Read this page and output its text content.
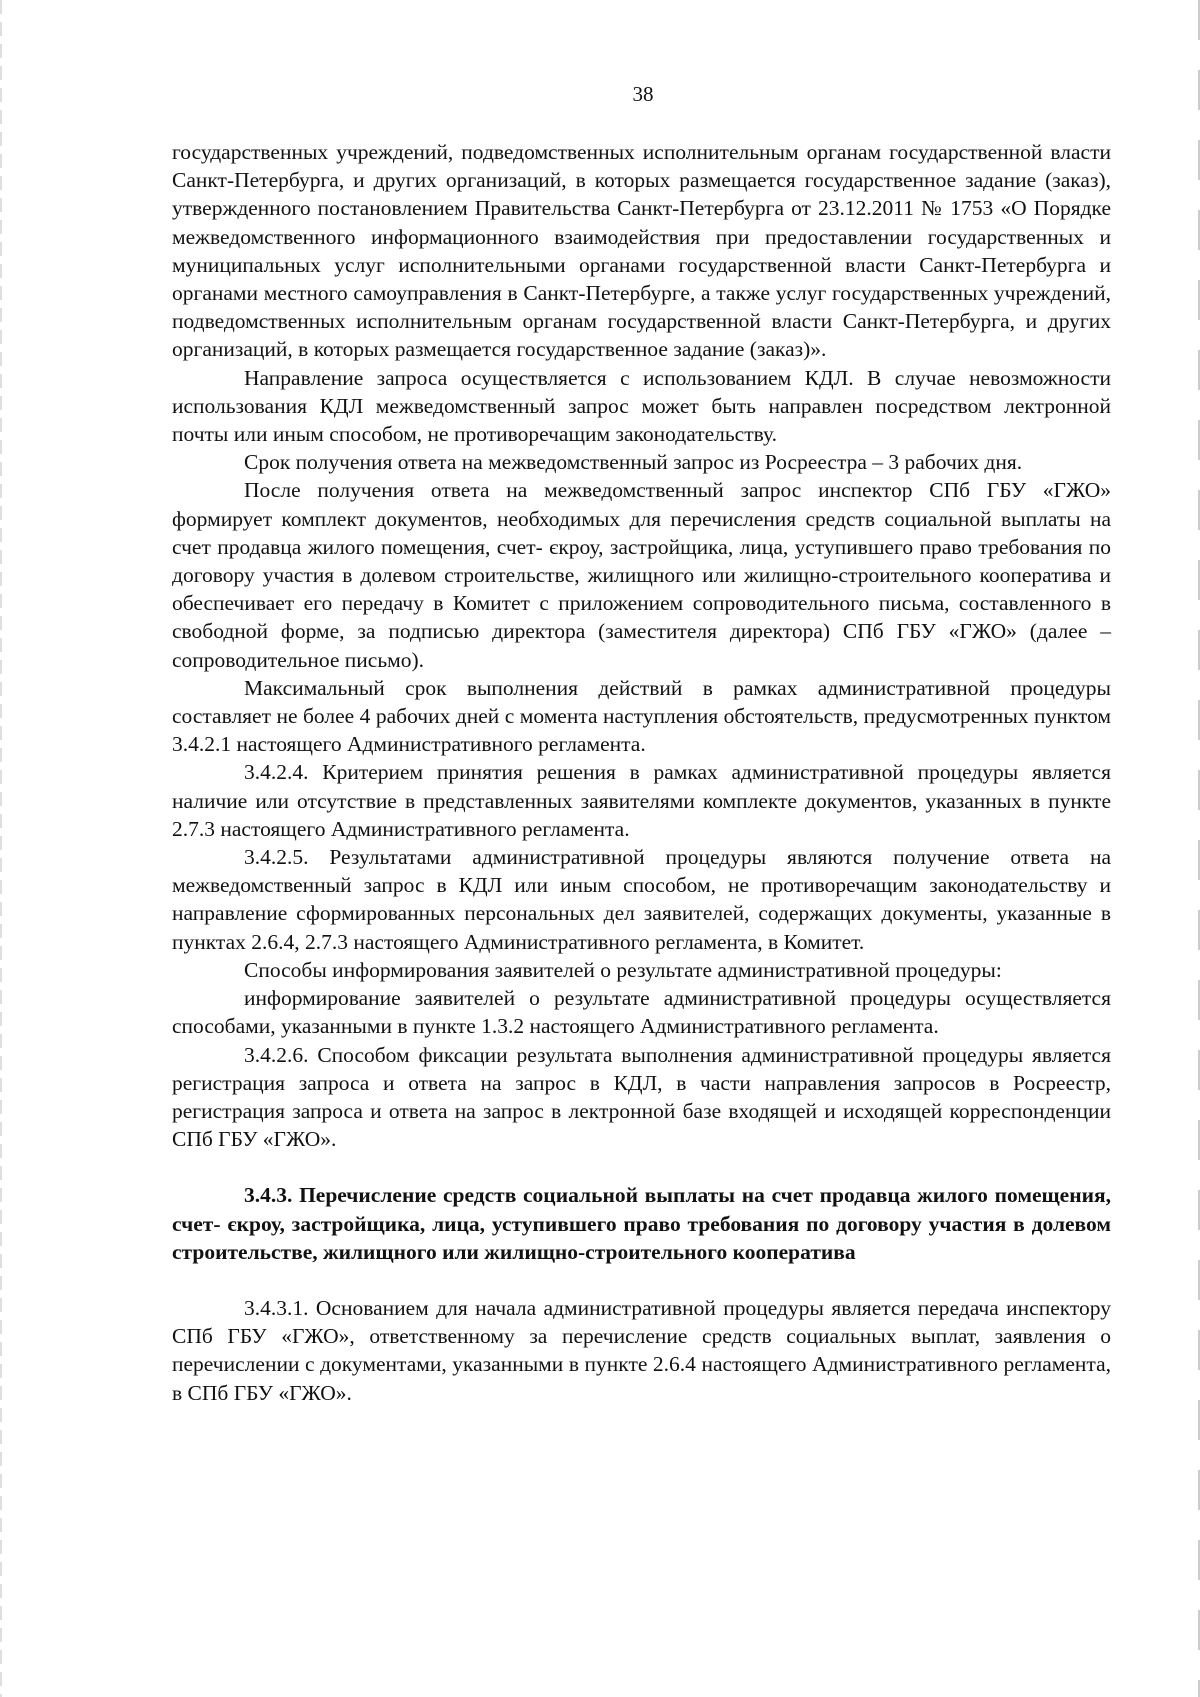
38

государственных учреждений, подведомственных исполнительным органам государственной власти Санкт-Петербурга, и других организаций, в которых размещается государственное задание (заказ), утвержденного постановлением Правительства Санкт-Петербурга от 23.12.2011 № 1753 «О Порядке межведомственного информационного взаимодействия при предоставлении государственных и муниципальных услуг исполнительными органами государственной власти Санкт-Петербурга и органами местного самоуправления в Санкт-Петербурге, а также услуг государственных учреждений, подведомственных исполнительным органам государственной власти Санкт-Петербурга, и других организаций, в которых размещается государственное задание (заказ)».

Направление запроса осуществляется с использованием КДЛ. В случае невозможности использования КДЛ межведомственный запрос может быть направлен посредством лектронной почты или иным способом, не противоречащим законодательству.

Срок получения ответа на межведомственный запрос из Росреестра – 3 рабочих дня.

После получения ответа на межведомственный запрос инспектор СПб ГБУ «ГЖО» формирует комплект документов, необходимых для перечисления средств социальной выплаты на счет продавца жилого помещения, счет- єкроу, застройщика, лица, уступившего право требования по договору участия в долевом строительстве, жилищного или жилищно-строительного кооператива и обеспечивает его передачу в Комитет с приложением сопроводительного письма, составленного в свободной форме, за подписью директора (заместителя директора) СПб ГБУ «ГЖО» (далее – сопроводительное письмо).

Максимальный срок выполнения действий в рамках административной процедуры составляет не более 4 рабочих дней с момента наступления обстоятельств, предусмотренных пунктом 3.4.2.1 настоящего Административного регламента.

3.4.2.4. Критерием принятия решения в рамках административной процедуры является наличие или отсутствие в представленных заявителями комплекте документов, указанных в пункте 2.7.3 настоящего Административного регламента.

3.4.2.5. Результатами административной процедуры являются получение ответа на межведомственный запрос в КДЛ или иным способом, не противоречащим законодательству и направление сформированных персональных дел заявителей, содержащих документы, указанные в пунктах 2.6.4, 2.7.3 настоящего Административного регламента, в Комитет.

Способы информирования заявителей о результате административной процедуры:

информирование заявителей о результате административной процедуры осуществляется способами, указанными в пункте 1.3.2 настоящего Административного регламента.

3.4.2.6. Способом фиксации результата выполнения административной процедуры является регистрация запроса и ответа на запрос в КДЛ, в части направления запросов в Росреестр, регистрация запроса и ответа на запрос в лектронной базе входящей и исходящей корреспонденции СПб ГБУ «ГЖО».

3.4.3. Перечисление средств социальной выплаты на счет продавца жилого помещения, счет- єкроу, застройщика, лица, уступившего право требования по договору участия в долевом строительстве, жилищного или жилищно-строительного кооператива

3.4.3.1. Основанием для начала административной процедуры является передача инспектору СПб ГБУ «ГЖО», ответственному за перечисление средств социальных выплат, заявления о перечислении с документами, указанными в пункте 2.6.4 настоящего Административного регламента, в СПб ГБУ «ГЖО».
